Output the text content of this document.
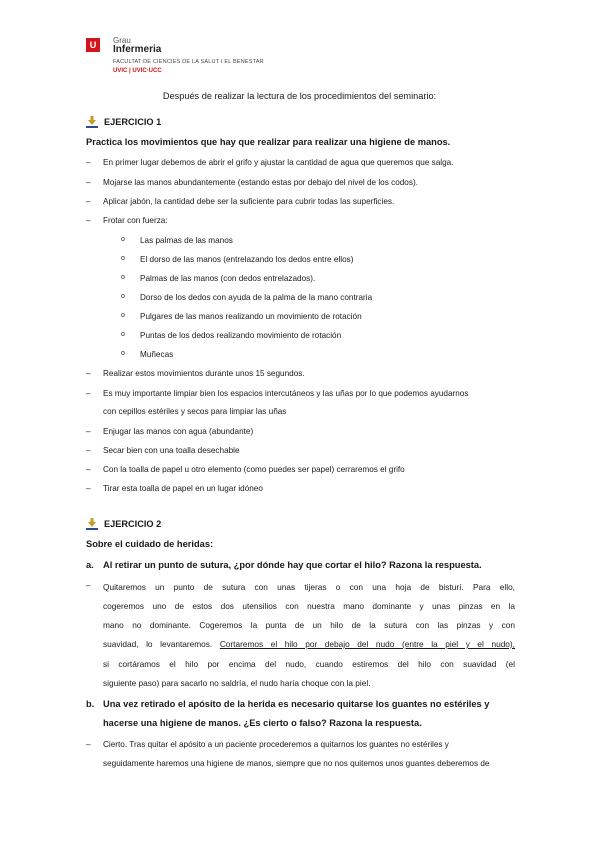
U	Grau
Infermeria
FACULTAT DE CIENCIES DE LA SALUT I EL BENESTAR
UVIC | UVIC·UCC
Después de realizar la lectura de los procedimientos del seminario:
EJERCICIO 1
Practica los movimientos que hay que realizar para realizar una higiene de manos.
– En primer lugar debemos de abrir el grifo y ajustar la cantidad de agua que queremos que salga.
– Mojarse las manos abundantemente (estando estas por debajo del nivel de los codos).
– Aplicar jabón, la cantidad debe ser la suficiente para cubrir todas las superficies.
– Frotar con fuerza:
o Las palmas de las manos
o El dorso de las manos (entrelazando los dedos entre ellos)
o Palmas de las manos (con dedos entrelazados).
o Dorso de los dedos con ayuda de la palma de la mano contraria
o Pulgares de las manos realizando un movimiento de rotación
o Puntas de los dedos realizando movimiento de rotación
o Muñecas
– Realizar estos movimientos durante unos 15 segundos.
– Es muy importante limpiar bien los espacios intercutáneos y las uñas por lo que podemos ayudarnos
con cepillos estériles y secos para limpiar las uñas
– Enjugar las manos con agua (abundante)
– Secar bien con una toalla desechable
– Con la toalla de papel u otro elemento (como puedes ser papel) cerraremos el grifo
– Tirar esta toalla de papel en un lugar idóneo
EJERCICIO 2
Sobre el cuidado de heridas:
a. Al retirar un punto de sutura, ¿por dónde hay que cortar el hilo? Razona la respuesta.
– Quitaremos un punto de sutura con unas tijeras o con una hoja de bisturí. Para ello,
cogeremos uno de estos dos utensilios con nuestra mano dominante y unas pinzas en la
mano no dominante. Cogeremos la punta de un hilo de la sutura con las pinzas y con
suavidad, lo levantaremos. Cortaremos el hilo por debajo del nudo (entre la piel y el nudo),
si cortáramos el hilo por encima del nudo, cuando estiremos del hilo con suavidad (el
siguiente paso) para sacarlo no saldría, el nudo haría choque con la piel.
b. Una vez retirado el apósito de la herida es necesario quitarse los guantes no estériles y
hacerse una higiene de manos. ¿Es cierto o falso? Razona la respuesta.
– Cierto. Tras quitar el apósito a un paciente procederemos a quitarnos los guantes no estériles y
seguidamente haremos una higiene de manos, siempre que no nos quitemos unos guantes deberemos de
